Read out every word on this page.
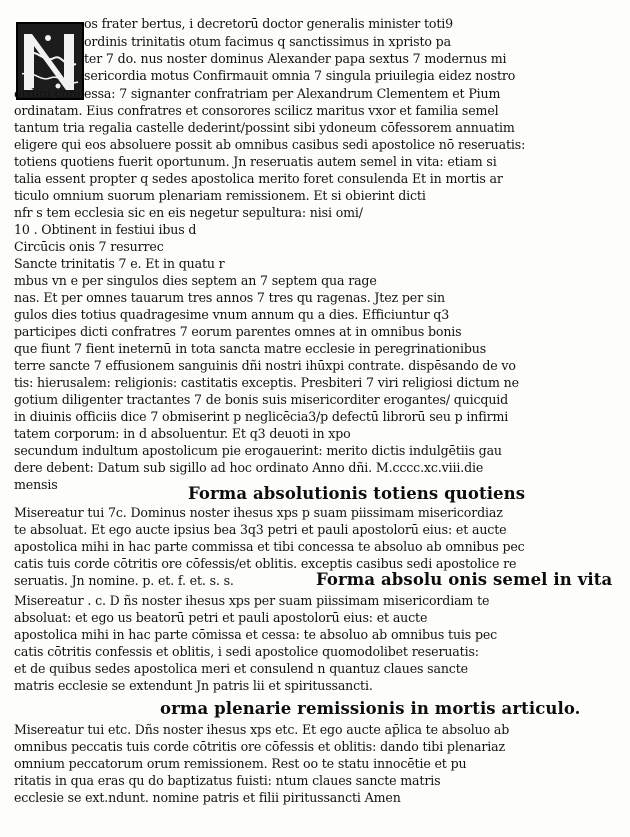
os frater bertus, i decretorū doctor generalis minister toti9
ordinis trinitatis otum facimus q sanctissimus in xpristo pa
ter 7 do. nus noster dominus Alexander papa sextus 7 modernus mi
sericordia motus Confirmauit omnia 7 singula priuilegia eidez nostro
ordini concessa: 7 signanter confratriam per Alexandrum Clementem et Pium
ordinatam. Eius confratres et consorores scilicz maritus vxor et familia semel
tantum tria regalia castelle dederint/possint sibi ydoneum cōfessorem annuatim
eligere qui eos absoluere possit ab omnibus casibus sedi apostolice nō reseruatis:
totiens quotiens fuerit oportunum. Jn reseruatis autem semel in vita: etiam si
talia essent propter q sedes apostolica merito foret consulenda Et in mortis ar
ticulo omnium suorum plenariam remissionem. Et si obierint dicti
nfr s tem ecclesia sic en eis negetur sepultura: nisi omi/
10 . Obtinent in festiui ibus d
Circūcis onis 7 resurrec
Sancte trinitatis 7 e. Et in quatu r
mbus vn e per singulos dies septem an 7 septem qua rage
nas. Et per omnes tauarum tres annos 7 tres qu ragenas. Jtez per sin
gulos dies totius quadragesime vnum annum qu a dies. Efficiuntur q3
participes dicti confratres 7 eorum parentes omnes at in omnibus bonis
que fiunt 7 fient ineternū in tota sancta matre ecclesie in peregrinationibus
terre sancte 7 effusionem sanguinis dñi nostri ihūxpi contrate. dispēsando de vo
tis: hierusalem: religionis: castitatis exceptis. Presbiteri 7 viri religiosi dictum ne
gotium diligenter tractantes 7 de bonis suis misericorditer erogantes/ quicquid
in diuinis officiis dice 7 obmiserint p neglicēcia3/p defectū librorū seu p infirmi
tatem corporum: in d absoluentur. Et q3 deuoti in xpo
secundum indultum apostolicum pie erogauerint: merito dictis indulgētiis gau
dere debent: Datum sub sigillo ad hoc ordinato Anno dñi. M.cccc.xc.viii.die
mensis	Forma absolutionis totiens quotiens
Misereatur tui 7c. Dominus noster ihesus xps p suam piissimam misericordiaz
te absoluat. Et ego aucte ipsius bea 3q3 petri et pauli apostolorū eius: et aucte
apostolica mihi in hac parte commissa et tibi concessa te absoluo ab omnibus pec
catis tuis corde cōtritis ore cōfessis/et oblitis. exceptis casibus sedi apostolice re
seruatis. Jn nomine. p. et. f. et. s. s.	Forma absolu onis semel in vita
Misereatur . c. D ñs noster ihesus xps per suam piissimam misericordiam te
absoluat: et ego us beatorū petri et pauli apostolorū eius: et aucte
apostolica mihi in hac parte cōmissa et cessa: te absoluo ab omnibus tuis pec
catis cōtritis confessis et oblitis, i sedi apostolice quomodolibet reseruatis:
et de quibus sedes apostolica meri et consulend n quantuz claues sancte
matris ecclesie se extendunt Jn patris lii et spiritussancti.
orma plenarie remissionis in mortis articulo.
Misereatur tui etc. Dñs noster ihesus xps etc. Et ego aucte ap̄lica te absoluo ab
omnibus peccatis tuis corde cōtritis ore cōfessis et oblitis: dando tibi plenariaz
omnium peccatorum orum remissionem. Rest oo te statu innocētie et pu
ritatis in qua eras qu do baptizatus fuisti: ntum claues sancte matris
ecclesie se ext.ndunt. nomine patris et filii piritussancti Amen
